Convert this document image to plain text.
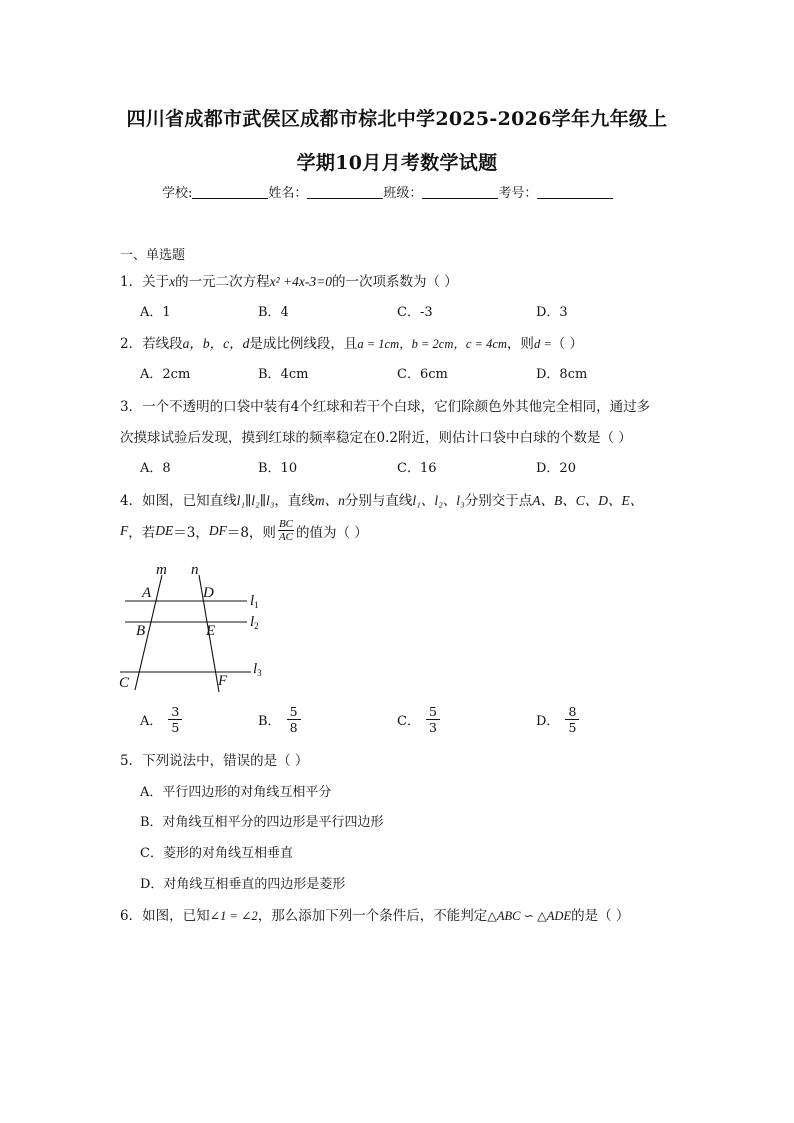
四川省成都市武侯区成都市棕北中学2025-2026学年九年级上
学期10月月考数学试题
学校:	姓名：	班级：	考号：
一、单选题
1．关于x的一元二次方程x² +4x-3=0的一次项系数为（ ）
A．1	B．4	C．-3	D．3
2．若线段a，b，c，d是成比例线段，且a = 1cm，b = 2cm，c = 4cm，则d =（ ）
A．2cm	B．4cm	C．6cm	D．8cm
3．一个不透明的口袋中装有4个红球和若干个白球，它们除颜色外其他完全相同，通过多
次摸球试验后发现，摸到红球的频率稳定在0.2附近，则估计口袋中白球的个数是（ ）
A．8	B．10	C．16	D．20
4．如图，已知直线l₁∥l₂∥l₃，直线m、n分别与直线l₁、l₂、l₃分别交于点A、B、C、D、E、
F ，若 DE ＝3， DF ＝8，则 $\frac{BC}{AC}$ 的值为（ ）
m n
A	D
B	E
C	F
$l_1$
$l_2$
$l_3$
A． $\frac{3}{5}$	B． $\frac{5}{8}$	C． $\frac{5}{3}$	D． $\frac{8}{5}$
5．下列说法中，错误的是（ ）
A．平行四边形的对角线互相平分
B．对角线互相平分的四边形是平行四边形
C．菱形的对角线互相垂直
D．对角线互相垂直的四边形是菱形
6．如图，已知∠1 = ∠2，那么添加下列一个条件后，不能判定△ABC ∽ △ADE的是（ ）
